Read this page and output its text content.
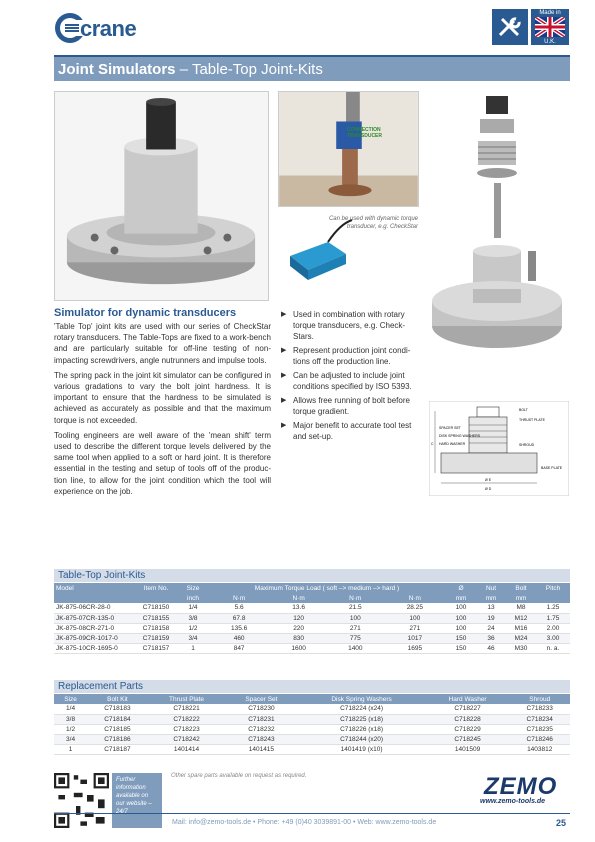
crane
Made in
U.K.
Joint Simulators – Table-Top Joint-Kits
CONNECTION TRANSDUCER
Can be used with dynamic torque transducer, e.g. CheckStar
BOLT
THRUST PLATE
SPACER SET
DISK SPRING WASHERS
HARD WASHER	SHROUD
BASE PLATE
Ø E
Ø D
C
Simulator for dynamic transducers

'Table Top' joint kits are used with our series of CheckStar rotary transducers. The Table-Tops are fixed to a work-bench and are particularly suitable for off-line testing of non-impacting screwdrivers, angle nutrunners and impulse tools.

The spring pack in the joint kit simulator can be configured in various gradations to vary the bolt joint hardness. It is important to ensure that the hardness to be simulated is achieved as accurately as possible and that the maximum torque is not exceeded.

Tooling engineers are well aware of the 'mean shift' term used to describe the different torque levels delivered by the same tool when applied to a soft or hard joint. It is therefore essential in the testing and setup of tools off of the produc-tion line, to allow for the joint condition which the tool will experience on the job.

▶ Used in combination with rotary torque transducers, e.g. Check-Stars.
▶ Represent production joint condi-tions off the production line.
▶ Can be adjusted to include joint conditions specified by ISO 5393.
▶ Allows free running of bolt before torque gradient.
▶ Major benefit to accurate tool test and set-up.
Table-Top Joint-Kits
Model	Item No.	Size	Maximum Torque Load ( soft –> medium –> hard )				Ø	Nut	Bolt	Pitch
		inch	N·m	N·m	N·m	N·m	mm	mm	mm	
JK-875-06CR-28-0	C718150	1/4	5.6	13.6	21.5	28.25	100	13	M8	1.25
JK-875-07CR-135-0	C718155	3/8	67.8	120	100	100	100	19	M12	1.75
JK-875-08CR-271-0	C718158	1/2	135.6	220	271	271	100	24	M16	2.00
JK-875-09CR-1017-0	C718159	3/4	460	830	775	1017	150	36	M24	3.00
JK-875-10CR-1695-0	C718157	1	847	1600	1400	1695	150	46	M30	n. a.
Replacement Parts
Size	Bolt Kit	Thrust Plate	Spacer Set	Disk Spring Washers	Hard Washer	Shroud
1/4	C718183	C718221	C718230	C718224 (x24)	C718227	C718233
3/8	C718184	C718222	C718231	C718225 (x18)	C718228	C718234
1/2	C718185	C718223	C718232	C718226 (x18)	C718229	C718235
3/4	C718186	C718242	C718243	C718244 (x20)	C718245	C718246
1	C718187	1401414	1401415	1401419 (x10)	1401509	1403812
Further information available on our website – 24/7
Other spare parts available on request as required.	ZEMO
www.zemo-tools.de
Mail: info@zemo-tools.de • Phone: +49 (0)40 3039891-00 • Web: www.zemo-tools.de	25
